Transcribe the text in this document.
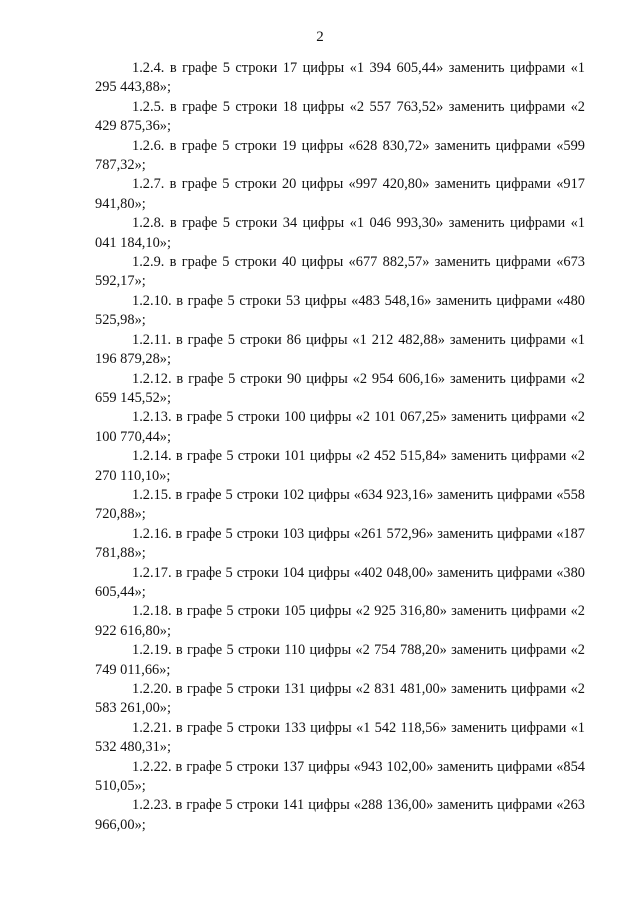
2

1.2.4. в графе 5 строки 17 цифры «1 394 605,44» заменить цифрами «1 295 443,88»;

1.2.5. в графе 5 строки 18 цифры «2 557 763,52» заменить цифрами «2 429 875,36»;

1.2.6. в графе 5 строки 19 цифры «628 830,72» заменить цифрами «599 787,32»;

1.2.7. в графе 5 строки 20 цифры «997 420,80» заменить цифрами «917 941,80»;

1.2.8. в графе 5 строки 34 цифры «1 046 993,30» заменить цифрами «1 041 184,10»;

1.2.9. в графе 5 строки 40 цифры «677 882,57» заменить цифрами «673 592,17»;

1.2.10. в графе 5 строки 53 цифры «483 548,16» заменить цифрами «480 525,98»;

1.2.11. в графе 5 строки 86 цифры «1 212 482,88» заменить цифрами «1 196 879,28»;

1.2.12. в графе 5 строки 90 цифры «2 954 606,16» заменить цифрами «2 659 145,52»;

1.2.13. в графе 5 строки 100 цифры «2 101 067,25» заменить цифрами «2 100 770,44»;

1.2.14. в графе 5 строки 101 цифры «2 452 515,84» заменить цифрами «2 270 110,10»;

1.2.15. в графе 5 строки 102 цифры «634 923,16» заменить цифрами «558 720,88»;

1.2.16. в графе 5 строки 103 цифры «261 572,96» заменить цифрами «187 781,88»;

1.2.17. в графе 5 строки 104 цифры «402 048,00» заменить цифрами «380 605,44»;

1.2.18. в графе 5 строки 105 цифры «2 925 316,80» заменить цифрами «2 922 616,80»;

1.2.19. в графе 5 строки 110 цифры «2 754 788,20» заменить цифрами «2 749 011,66»;

1.2.20. в графе 5 строки 131 цифры «2 831 481,00» заменить цифрами «2 583 261,00»;

1.2.21. в графе 5 строки 133 цифры «1 542 118,56» заменить цифрами «1 532 480,31»;

1.2.22. в графе 5 строки 137 цифры «943 102,00» заменить цифрами «854 510,05»;

1.2.23. в графе 5 строки 141 цифры «288 136,00» заменить цифрами «263 966,00»;
